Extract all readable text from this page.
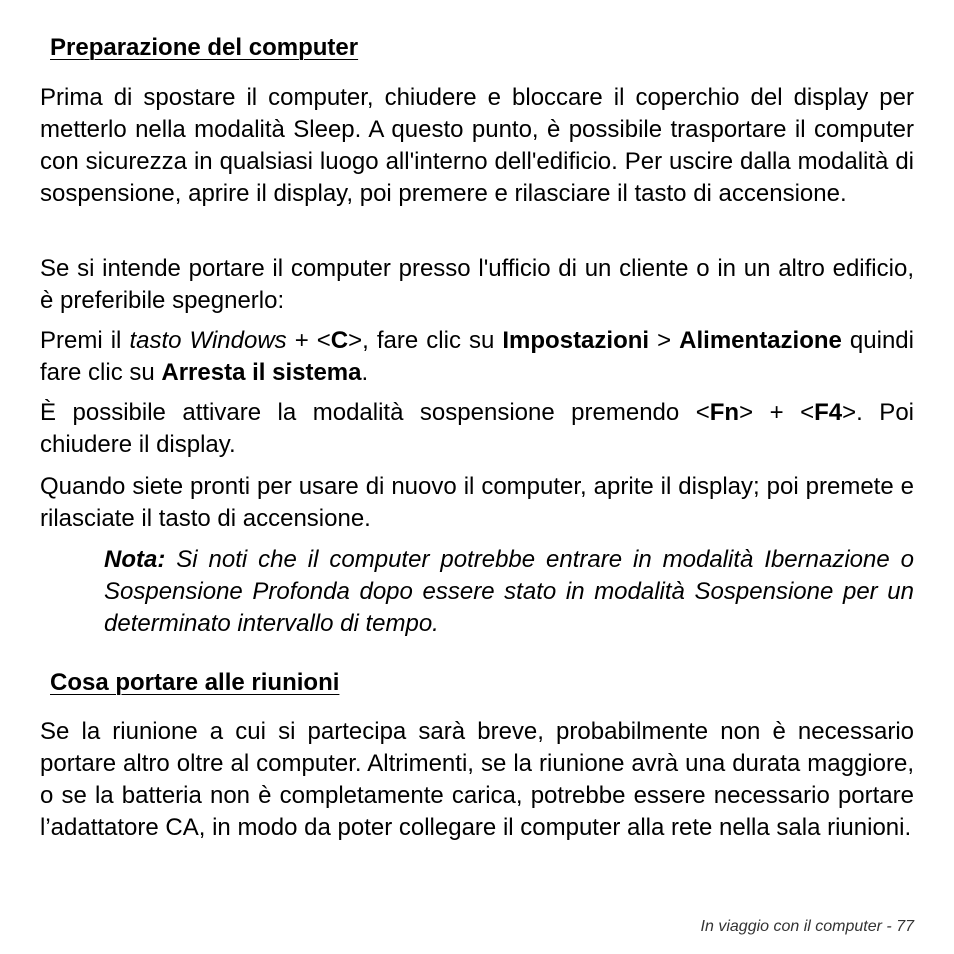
Preparazione del computer

Prima di spostare il computer, chiudere e bloccare il coperchio del display per metterlo nella modalità Sleep. A questo punto, è possibile trasportare il computer con sicurezza in qualsiasi luogo all'interno dell'edificio. Per uscire dalla modalità di sospensione, aprire il display, poi premere e rilasciare il tasto di accensione.

Se si intende portare il computer presso l'ufficio di un cliente o in un altro edificio, è preferibile spegnerlo:

Premi il tasto Windows + <C>, fare clic su Impostazioni > Alimentazione quindi fare clic su Arresta il sistema.

È possibile attivare la modalità sospensione premendo <Fn> + <F4>. Poi chiudere il display.

Quando siete pronti per usare di nuovo il computer, aprite il display; poi premete e rilasciate il tasto di accensione.

Nota: Si noti che il computer potrebbe entrare in modalità Ibernazione o Sospensione Profonda dopo essere stato in modalità Sospensione per un determinato intervallo di tempo.

Cosa portare alle riunioni

Se la riunione a cui si partecipa sarà breve, probabilmente non è necessario portare altro oltre al computer. Altrimenti, se la riunione avrà una durata maggiore, o se la batteria non è completamente carica, potrebbe essere necessario portare l’adattatore CA, in modo da poter collegare il computer alla rete nella sala riunioni.

In viaggio con il computer - 77
